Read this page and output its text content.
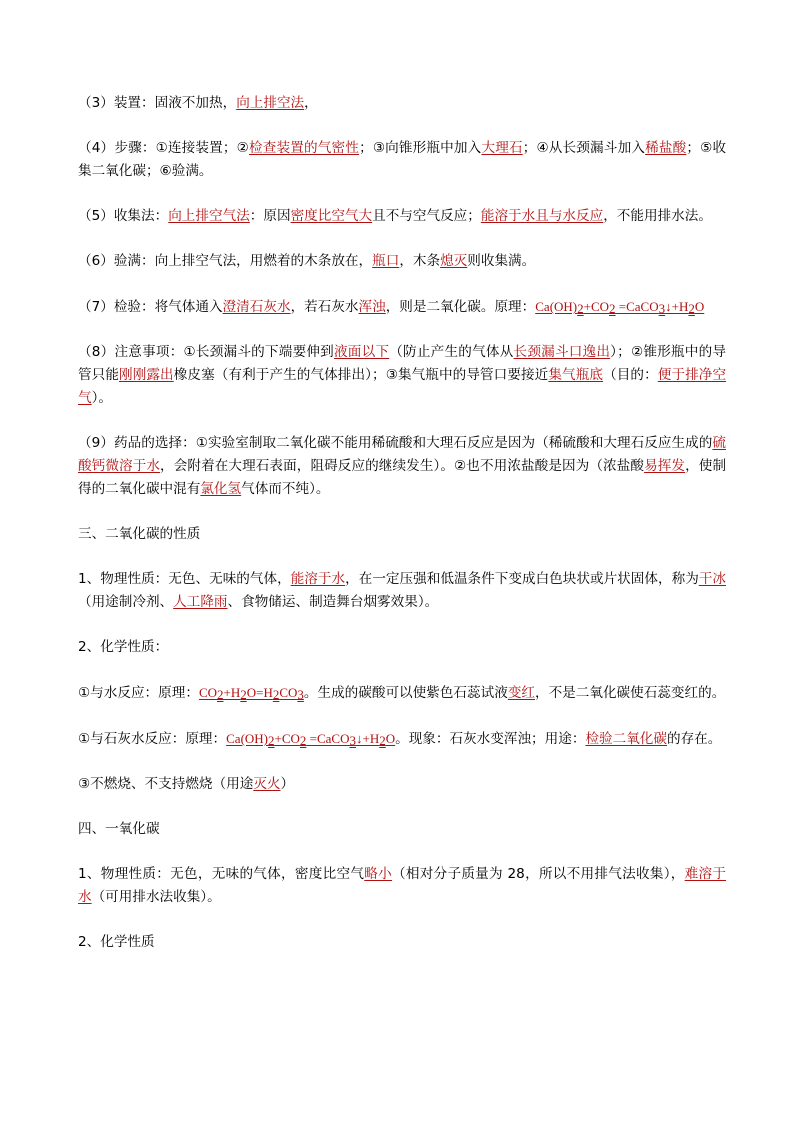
（3）装置：固液不加热，向上排空法，

（4）步骤：①连接装置；②检查装置的气密性；③向锥形瓶中加入大理石；④从长颈漏斗加入稀盐酸；⑤收集二氧化碳；⑥验满。

（5）收集法：向上排空气法：原因密度比空气大且不与空气反应；能溶于水且与水反应，不能用排水法。

（6）验满：向上排空气法，用燃着的木条放在，瓶口，木条熄灭则收集满。

（7）检验：将气体通入澄清石灰水，若石灰水浑浊，则是二氧化碳。原理：$Ca(OH)_2+CO_2$ $=CaCO_3↓+H_2O$

（8）注意事项：①长颈漏斗的下端要伸到液面以下（防止产生的气体从长颈漏斗口逸出）；②锥形瓶中的导管只能刚刚露出橡皮塞（有利于产生的气体排出）；③集气瓶中的导管口要接近集气瓶底（目的：便于排净空气）。

（9）药品的选择：①实验室制取二氧化碳不能用稀硫酸和大理石反应是因为（稀硫酸和大理石反应生成的硫酸钙微溶于水，会附着在大理石表面，阻碍反应的继续发生）。②也不用浓盐酸是因为（浓盐酸易挥发，使制得的二氧化碳中混有氯化氢气体而不纯）。

三、二氧化碳的性质

1、物理性质：无色、无味的气体，能溶于水，在一定压强和低温条件下变成白色块状或片状固体，称为干冰（用途制冷剂、人工降雨、食物储运、制造舞台烟雾效果）。

2、化学性质：

①与水反应：原理：$CO_2+H_2O=H_2CO_3$。生成的碳酸可以使紫色石蕊试液变红，不是二氧化碳使石蕊变红的。

①与石灰水反应：原理：$Ca(OH)_2+CO_2$ $=CaCO_3↓+H_2O$。现象：石灰水变浑浊；用途：检验二氧化碳的存在。

③不燃烧、不支持燃烧（用途灭火）

四、一氧化碳

1、物理性质：无色，无味的气体，密度比空气略小（相对分子质量为 28，所以不用排气法收集），难溶于水（可用排水法收集）。

2、化学性质
